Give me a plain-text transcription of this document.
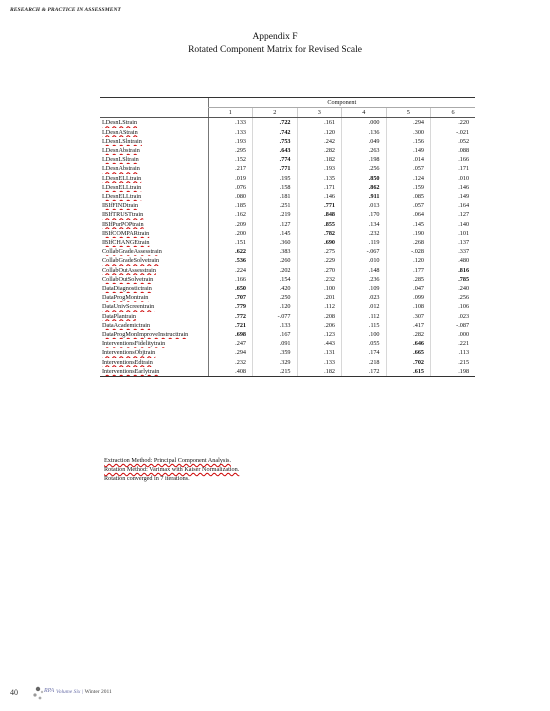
RESEARCH & PRACTICE IN ASSESSMENT
Appendix F
Rotated Component Matrix for Revised Scale
	Component					
	1	2	3	4	5	6
LDesnLStrain	.133	.722	.161	.000	.294	.220
LDesnAStrain	.133	.742	.120	.136	.300	-.021
LDesnLSlntrain	.193	.753	.242	.049	.156	.052
LDesnAbstrain	.295	.643	.282	.263	.149	.088
LDesnLSltrain	.152	.774	.182	.198	.014	.166
LDesnAbstrain	.217	.771	.193	.256	.057	.171
LDesnELLtrain	.019	.195	.135	.850	.124	.010
LDesnELLtrain	.076	.158	.171	.862	.159	.146
LDesnELLtrain	.080	.181	.146	.911	.085	.149
IBIfFINDtrain	.185	.251	.771	.013	.057	.164
IBIfTRUSTtrain	.162	.219	.848	.170	.064	.127
IBIfPurPOPtrain	.209	.127	.855	.134	.145	.140
IBIfCOMPARtrain	.200	.145	.782	.232	.190	.101
IBIfCHANGEtrain	.151	.360	.690	.119	.268	.137
CollabGradeAssesstrain	.622	.383	.275	-.067	-.028	.337
CollabGradeSolvetrain	.536	.260	.229	.010	.120	.480
CollabOutAssesstrain	.224	.202	.270	.148	.177	.816
CollabOutSolvetrain	.166	.154	.232	.236	.285	.785
DataDiagnostictrain	.650	.420	.100	.109	.047	.240
DataProgMontrain	.707	.250	.201	.023	.099	.256
DataUnivScreentrain	.779	.120	.112	.012	.108	.106
DataPlantrain	.772	-.077	.208	.112	.307	.023
DataAcademictrain	.721	.133	.206	.115	.417	-.087
DataProgMonImproveInstructtrain	.698	.167	.123	.100	.282	.000
InterventionsFidelitytrain	.247	.091	.443	.055	.646	.221
InterventionsObjtrain	.294	.359	.131	.174	.665	.113
InterventionsEdtrain	.232	.329	.133	.218	.702	.215
InterventionsEarlytrain	.408	.215	.182	.172	.615	.198
Extraction Method: Principal Component Analysis.
Rotation Method: Varimax with Kaiser Normalization.
Rotation converged in 7 iterations.
40	RPA Volume Six | Winter 2011
